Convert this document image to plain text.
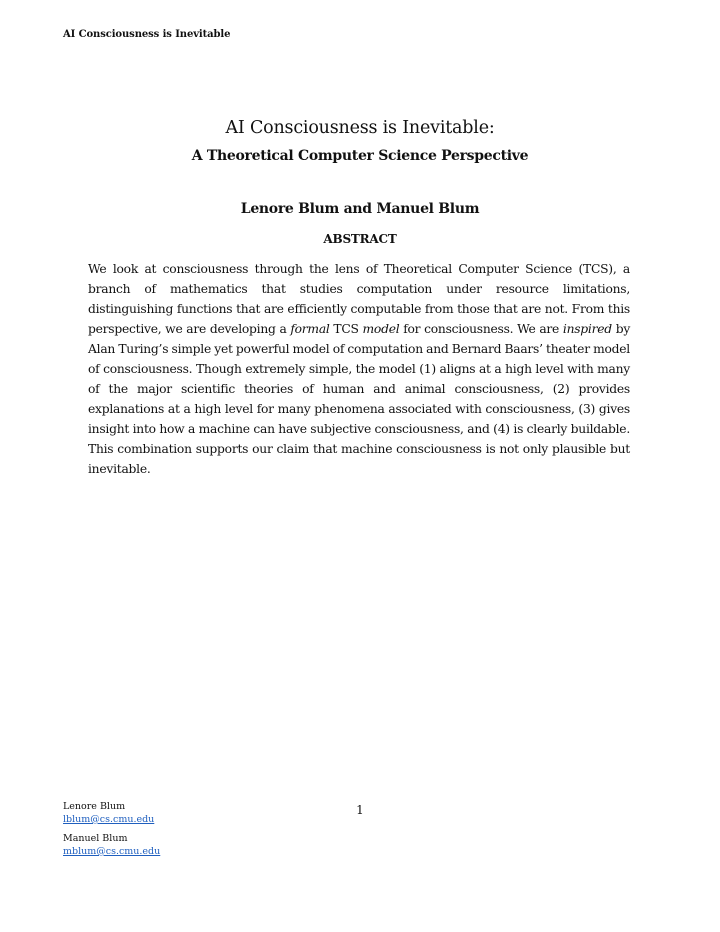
AI Consciousness is Inevitable
AI Consciousness is Inevitable:
A Theoretical Computer Science Perspective
Lenore Blum and Manuel Blum
ABSTRACT
We look at consciousness through the lens of Theoretical Computer Science (TCS), a branch of mathematics that studies computation under resource limitations, distinguishing functions that are efficiently computable from those that are not. From this perspective, we are developing a formal TCS model for consciousness. We are inspired by Alan Turing’s simple yet powerful model of computation and Bernard Baars’ theater model of consciousness. Though extremely simple, the model (1) aligns at a high level with many of the major scientific theories of human and animal consciousness, (2) provides explanations at a high level for many phenomena associated with consciousness, (3) gives insight into how a machine can have subjective consciousness, and (4) is clearly buildable. This combination supports our claim that machine consciousness is not only plausible but inevitable.
1
Lenore Blum
lblum@cs.cmu.edu
Manuel Blum
mblum@cs.cmu.edu
